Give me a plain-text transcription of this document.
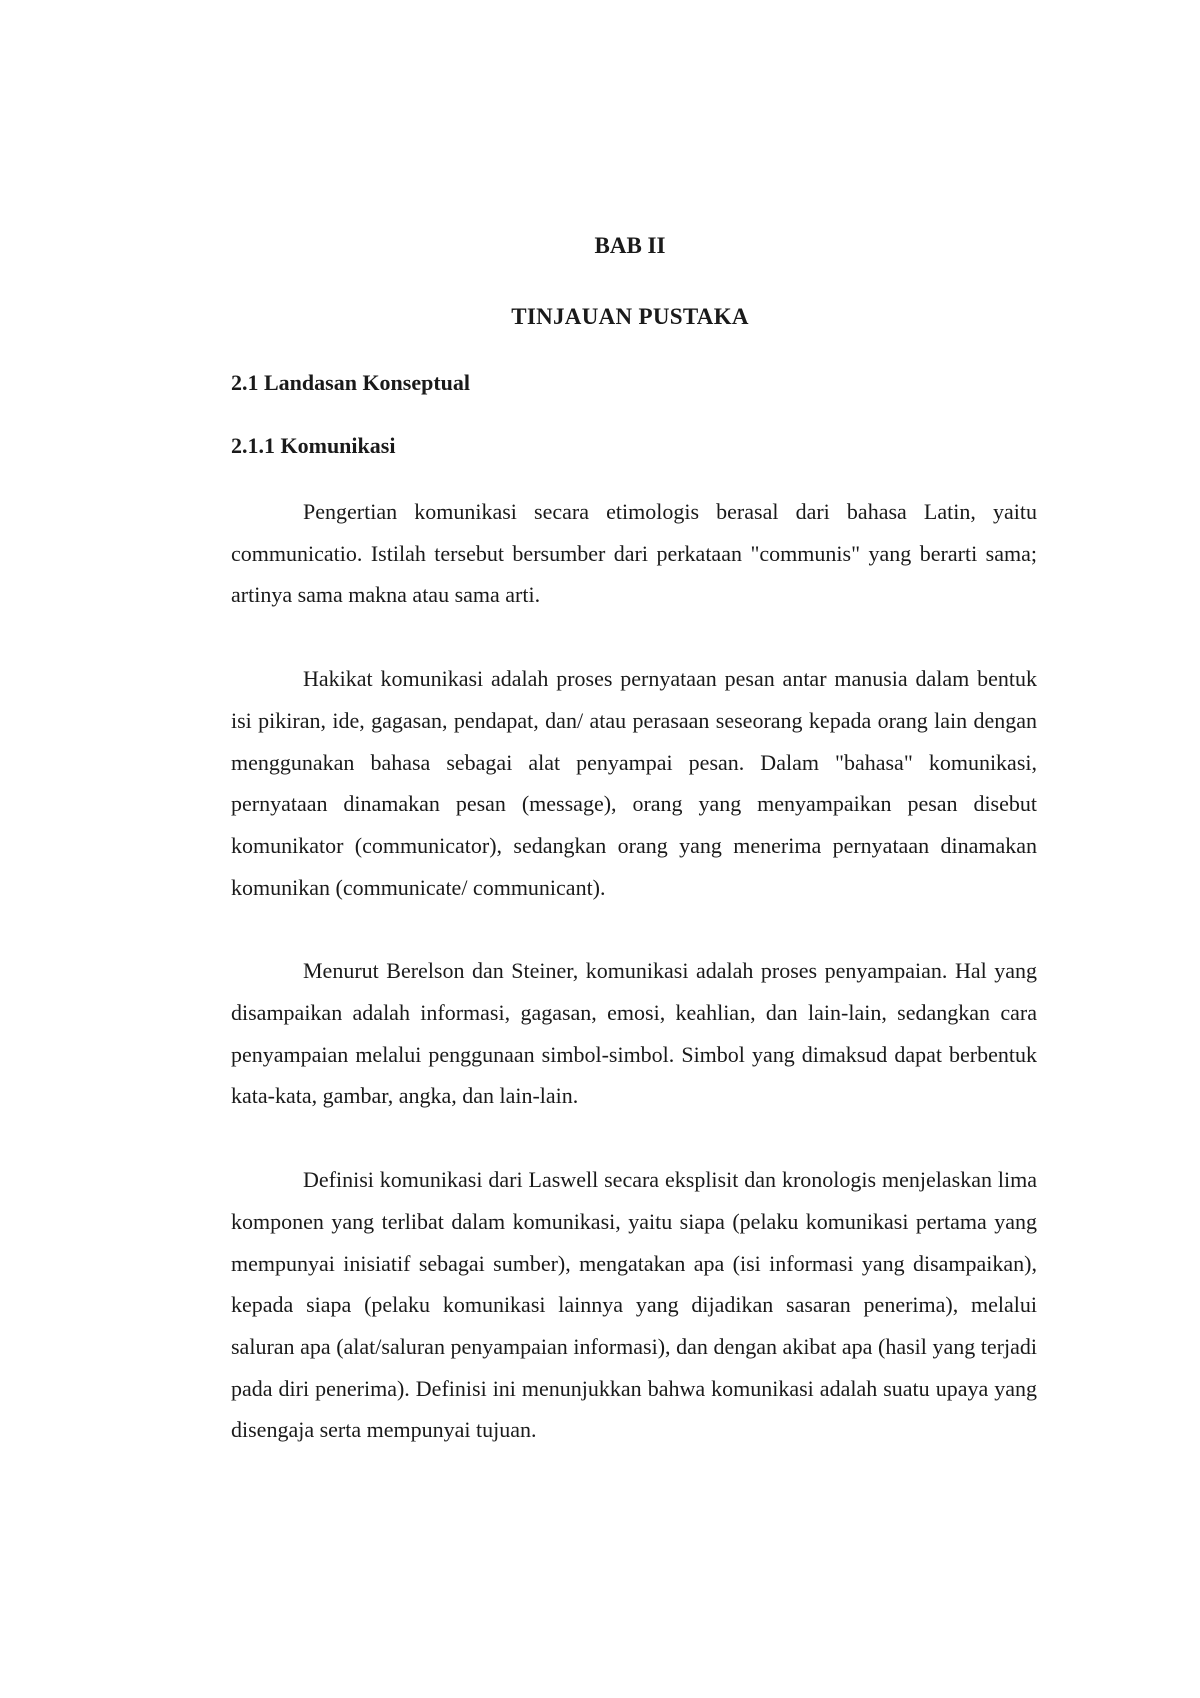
BAB II
TINJAUAN PUSTAKA
2.1 Landasan Konseptual
2.1.1 Komunikasi

Pengertian komunikasi secara etimologis berasal dari bahasa Latin, yaitu communicatio. Istilah tersebut bersumber dari perkataan "communis" yang berarti sama; artinya sama makna atau sama arti.

Hakikat komunikasi adalah proses pernyataan pesan antar manusia dalam bentuk isi pikiran, ide, gagasan, pendapat, dan/ atau perasaan seseorang kepada orang lain dengan menggunakan bahasa sebagai alat penyampai pesan. Dalam "bahasa" komunikasi, pernyataan dinamakan pesan (message), orang yang menyampaikan pesan disebut komunikator (communicator), sedangkan orang yang menerima pernyataan dinamakan komunikan (communicate/ communicant).

Menurut Berelson dan Steiner, komunikasi adalah proses penyampaian. Hal yang disampaikan adalah informasi, gagasan, emosi, keahlian, dan lain-lain, sedangkan cara penyampaian melalui penggunaan simbol-simbol. Simbol yang dimaksud dapat berbentuk kata-kata, gambar, angka, dan lain-lain.

Definisi komunikasi dari Laswell secara eksplisit dan kronologis menjelaskan lima komponen yang terlibat dalam komunikasi, yaitu siapa (pelaku komunikasi pertama yang mempunyai inisiatif sebagai sumber), mengatakan apa (isi informasi yang disampaikan), kepada siapa (pelaku komunikasi lainnya yang dijadikan sasaran penerima), melalui saluran apa (alat/saluran penyampaian informasi), dan dengan akibat apa (hasil yang terjadi pada diri penerima). Definisi ini menunjukkan bahwa komunikasi adalah suatu upaya yang disengaja serta mempunyai tujuan.
